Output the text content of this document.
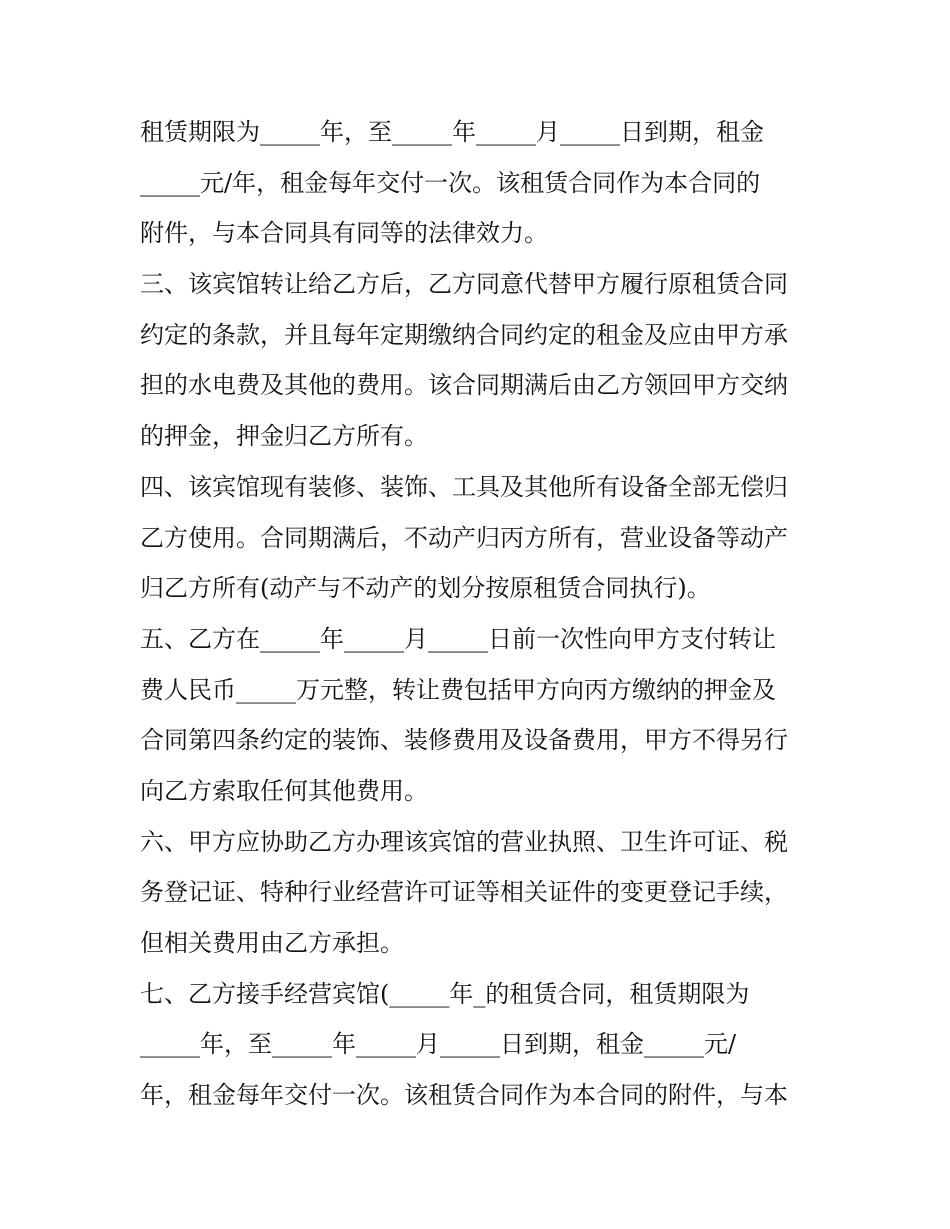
租赁期限为_____年，至_____年_____月_____日到期，租金
_____元/年，租金每年交付一次。该租赁合同作为本合同的
附件，与本合同具有同等的法律效力。
三、该宾馆转让给乙方后，乙方同意代替甲方履行原租赁合同
约定的条款，并且每年定期缴纳合同约定的租金及应由甲方承
担的水电费及其他的费用。该合同期满后由乙方领回甲方交纳
的押金，押金归乙方所有。
四、该宾馆现有装修、装饰、工具及其他所有设备全部无偿归
乙方使用。合同期满后，不动产归丙方所有，营业设备等动产
归乙方所有(动产与不动产的划分按原租赁合同执行)。
五、乙方在_____年_____月_____日前一次性向甲方支付转让
费人民币_____万元整，转让费包括甲方向丙方缴纳的押金及
合同第四条约定的装饰、装修费用及设备费用，甲方不得另行
向乙方索取任何其他费用。
六、甲方应协助乙方办理该宾馆的营业执照、卫生许可证、税
务登记证、特种行业经营许可证等相关证件的变更登记手续，
但相关费用由乙方承担。
七、乙方接手经营宾馆(_____年_的租赁合同，租赁期限为
_____年，至_____年_____月_____日到期，租金_____元/
年，租金每年交付一次。该租赁合同作为本合同的附件，与本
